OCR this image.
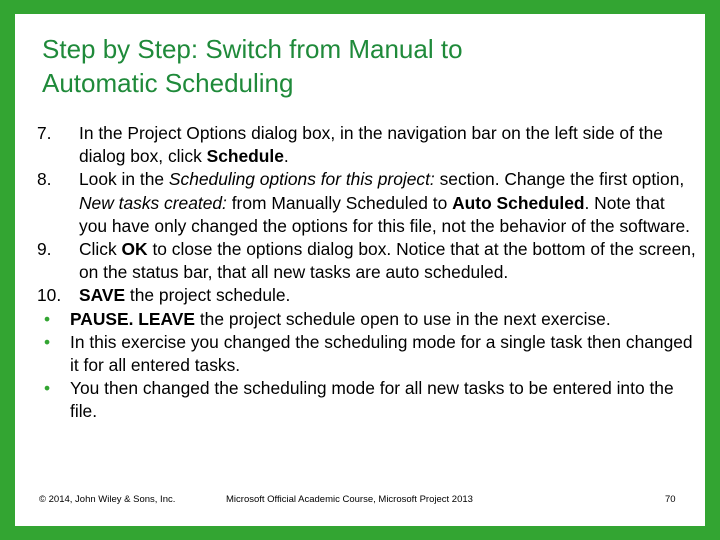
Step by Step: Switch from Manual to
Automatic Scheduling
7. In the Project Options dialog box, in the navigation bar on the left side of the dialog box, click Schedule.
8. Look in the Scheduling options for this project: section. Change the first option, New tasks created: from Manually Scheduled to Auto Scheduled. Note that you have only changed the options for this file, not the behavior of the software.
9. Click OK to close the options dialog box. Notice that at the bottom of the screen, on the status bar, that all new tasks are auto scheduled.
10. SAVE the project schedule.
• PAUSE. LEAVE the project schedule open to use in the next exercise.
• In this exercise you changed the scheduling mode for a single task then changed it for all entered tasks.
• You then changed the scheduling mode for all new tasks to be entered into the file.
© 2014, John Wiley & Sons, Inc.	Microsoft Official Academic Course, Microsoft Project 2013	70
